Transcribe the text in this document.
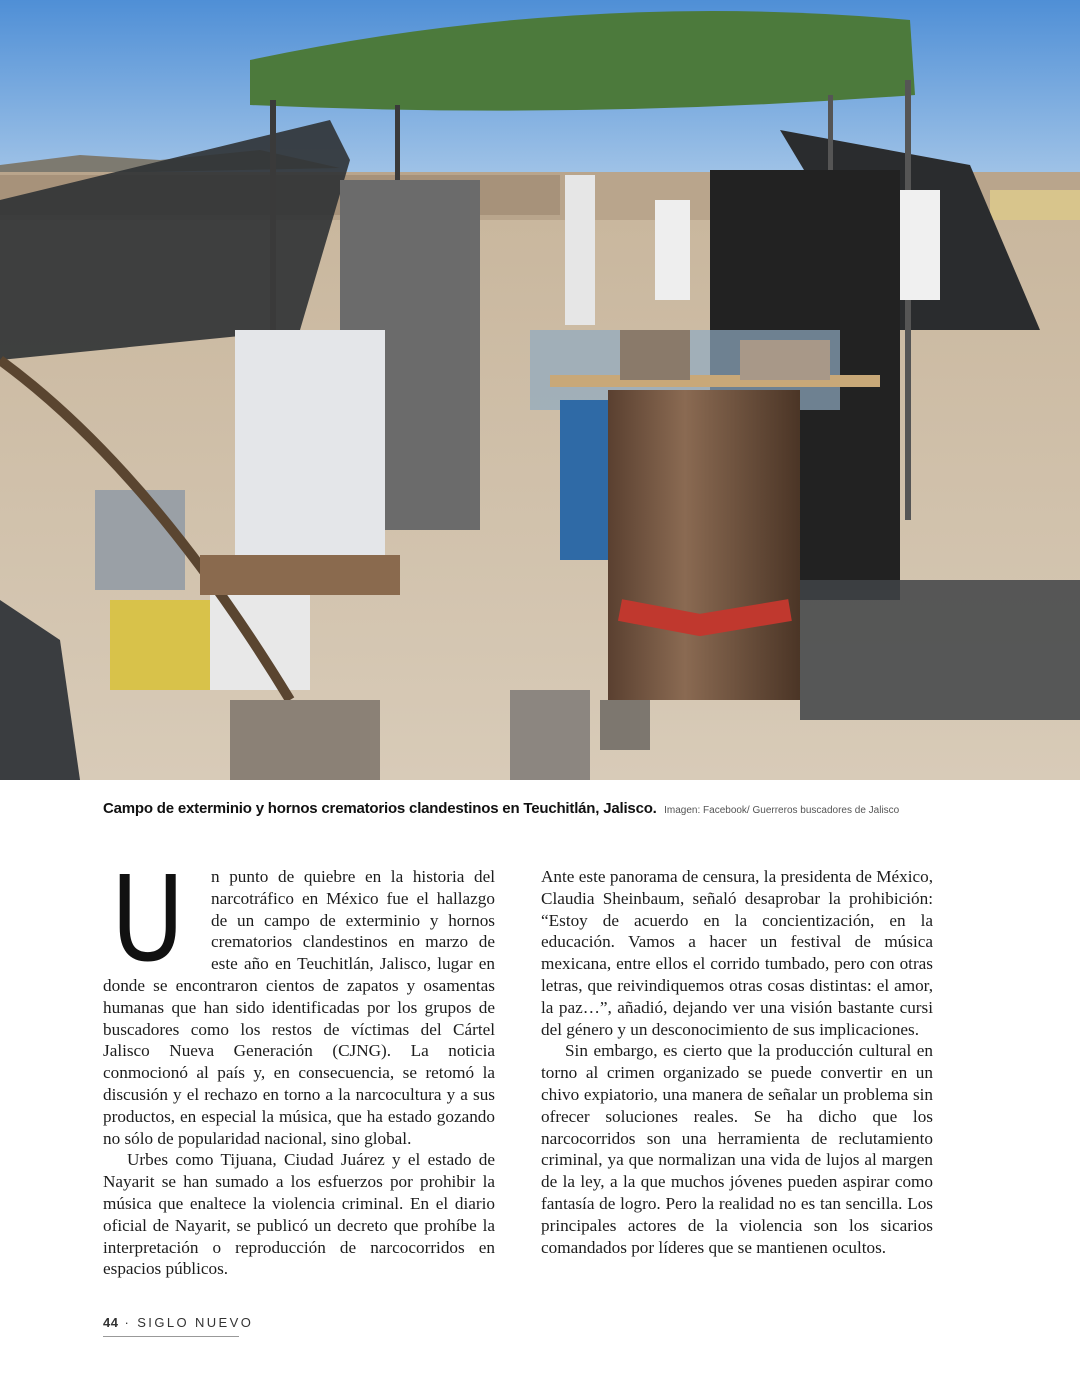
Campo de exterminio y hornos crematorios clandestinos en Teuchitlán, Jalisco. Imagen: Facebook/ Guerreros buscadores de Jalisco

U n punto de quiebre en la historia del narcotráfico en México fue el hallazgo de un campo de exterminio y hornos crematorios clandestinos en marzo de este año en Teuchitlán, Jalisco, lugar en donde se encontraron cientos de zapatos y osamentas humanas que han sido identificadas por los grupos de buscadores como los restos de víctimas del Cártel Jalisco Nueva Generación (CJNG). La noticia conmocionó al país y, en consecuencia, se retomó la discusión y el rechazo en torno a la narcocultura y a sus productos, en especial la música, que ha estado gozando no sólo de popularidad nacional, sino global.

Urbes como Tijuana, Ciudad Juárez y el estado de Nayarit se han sumado a los esfuerzos por prohibir la música que enaltece la violencia criminal. En el diario oficial de Nayarit, se publicó un decreto que prohíbe la interpretación o reproducción de narcocorridos en espacios públicos.

Ante este panorama de censura, la presidenta de México, Claudia Sheinbaum, señaló desaprobar la prohibición: “Estoy de acuerdo en la concientización, en la educación. Vamos a hacer un festival de música mexicana, entre ellos el corrido tumbado, pero con otras letras, que reivindiquemos otras cosas distintas: el amor, la paz…”, añadió, dejando ver una visión bastante cursi del género y un desconocimiento de sus implicaciones.

Sin embargo, es cierto que la producción cultural en torno al crimen organizado se puede convertir en un chivo expiatorio, una manera de señalar un problema sin ofrecer soluciones reales. Se ha dicho que los narcocorridos son una herramienta de reclutamiento criminal, ya que normalizan una vida de lujos al margen de la ley, a la que muchos jóvenes pueden aspirar como fantasía de logro. Pero la realidad no es tan sencilla. Los principales actores de la violencia son los sicarios comandados por líderes que se mantienen ocultos.

44 · SIGLO NUEVO
